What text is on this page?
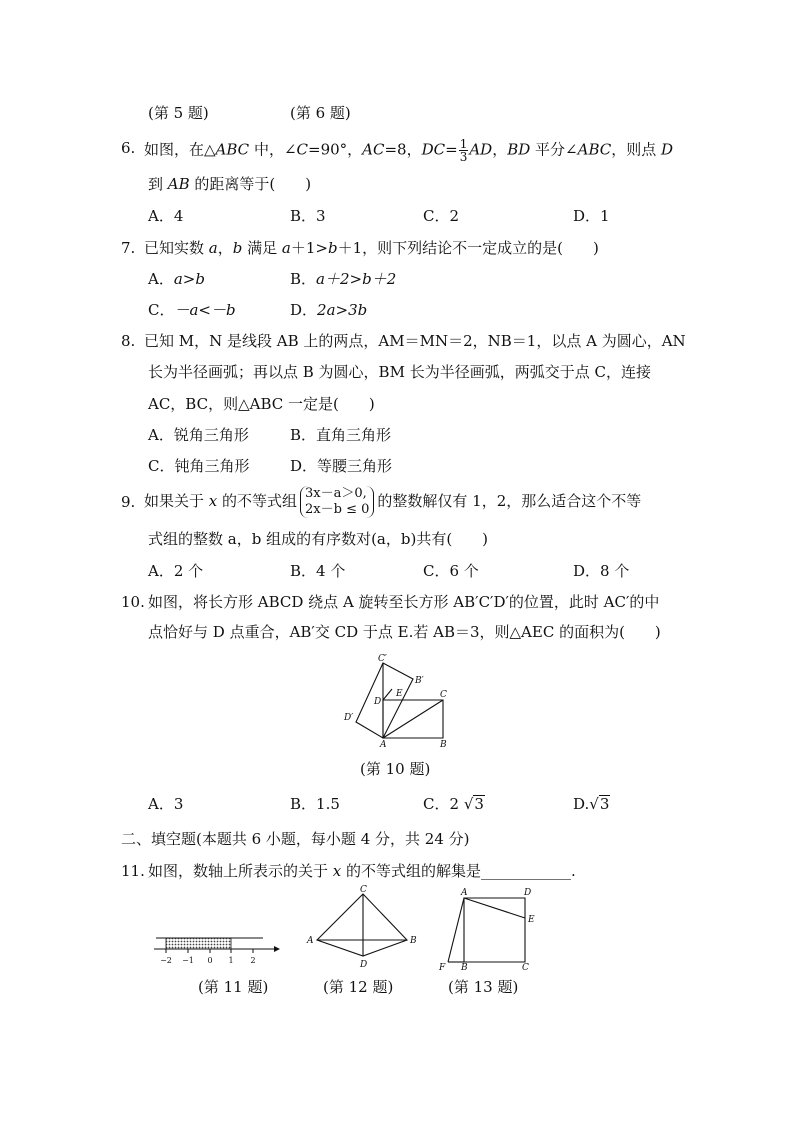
(第 5 题)	(第 6 题)
6. 如图，在△ABC 中，∠C=90°，AC=8，$DC= \frac{1}{3}$ AD，BD 平分∠ABC，则点 D
到 AB 的距离等于(　　)
A．4	B．3	C．2	D．1
7. 已知实数 a，b 满足 a＋1>b＋1，则下列结论不一定成立的是(　　)
A．a>b	B．a＋2>b＋2
C．－a<－b	D．2a>3b
8. 已知 M，N 是线段 AB 上的两点，AM＝MN＝2，NB＝1，以点 A 为圆心，AN
长为半径画弧；再以点 B 为圆心，BM 长为半径画弧，两弧交于点 C，连接
AC，BC，则△ABC 一定是(　　)
A．锐角三角形	B．直角三角形
C．钝角三角形	D．等腰三角形
9. 如果关于 x 的不等式组 3x－a＞0,
2x－b ≤ 0 的整数解仅有 1，2，那么适合这个不等
式组的整数 a，b 组成的有序数对(a，b)共有(　　)
A．2 个	B．4 个	C．6 个	D．8 个
10. 如图，将长方形 ABCD 绕点 A 旋转至长方形 AB′C′D′的位置，此时 AC′的中
点恰好与 D 点重合，AB′交 CD 于点 E.若 AB＝3，则△AEC 的面积为(　　)
C′
B′
E	C
D
D′
A	B
(第 10 题)
A．3	B．1.5	C．2 √3	D.√3
二、填空题(本题共 6 小题，每小题 4 分，共 24 分)
11. 如图，数轴上所表示的关于 x 的不等式组的解集是____________.
−2 −1 0 1 2
(第 11 题)
C
A	B
D
(第 12 题)
A	D
E
F B	C
(第 13 题)
